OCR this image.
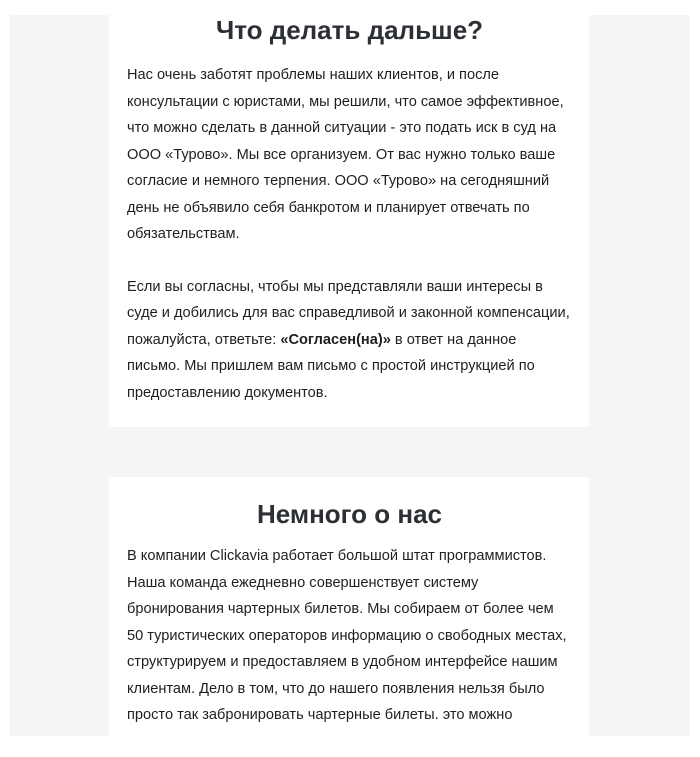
Что делать дальше?

Нас очень заботят проблемы наших клиентов, и после консультации с юристами, мы решили, что самое эффективное, что можно сделать в данной ситуации - это подать иск в суд на ООО «Турово». Мы все организуем. От вас нужно только ваше согласие и немного терпения. ООО «Турово» на сегодняшний день не объявило себя банкротом и планирует отвечать по обязательствам.

Если вы согласны, чтобы мы представляли ваши интересы в суде и добились для вас справедливой и законной компенсации, пожалуйста, ответьте: «Согласен(на)» в ответ на данное письмо. Мы пришлем вам письмо с простой инструкцией по предоставлению документов.

Немного о нас

В компании Clickavia работает большой штат программистов. Наша команда ежедневно совершенствует систему бронирования чартерных билетов. Мы собираем от более чем 50 туристических операторов информацию о свободных местах, структурируем и предоставляем в удобном интерфейсе нашим клиентам. Дело в том, что до нашего появления нельзя было просто так забронировать чартерные билеты. это можно
